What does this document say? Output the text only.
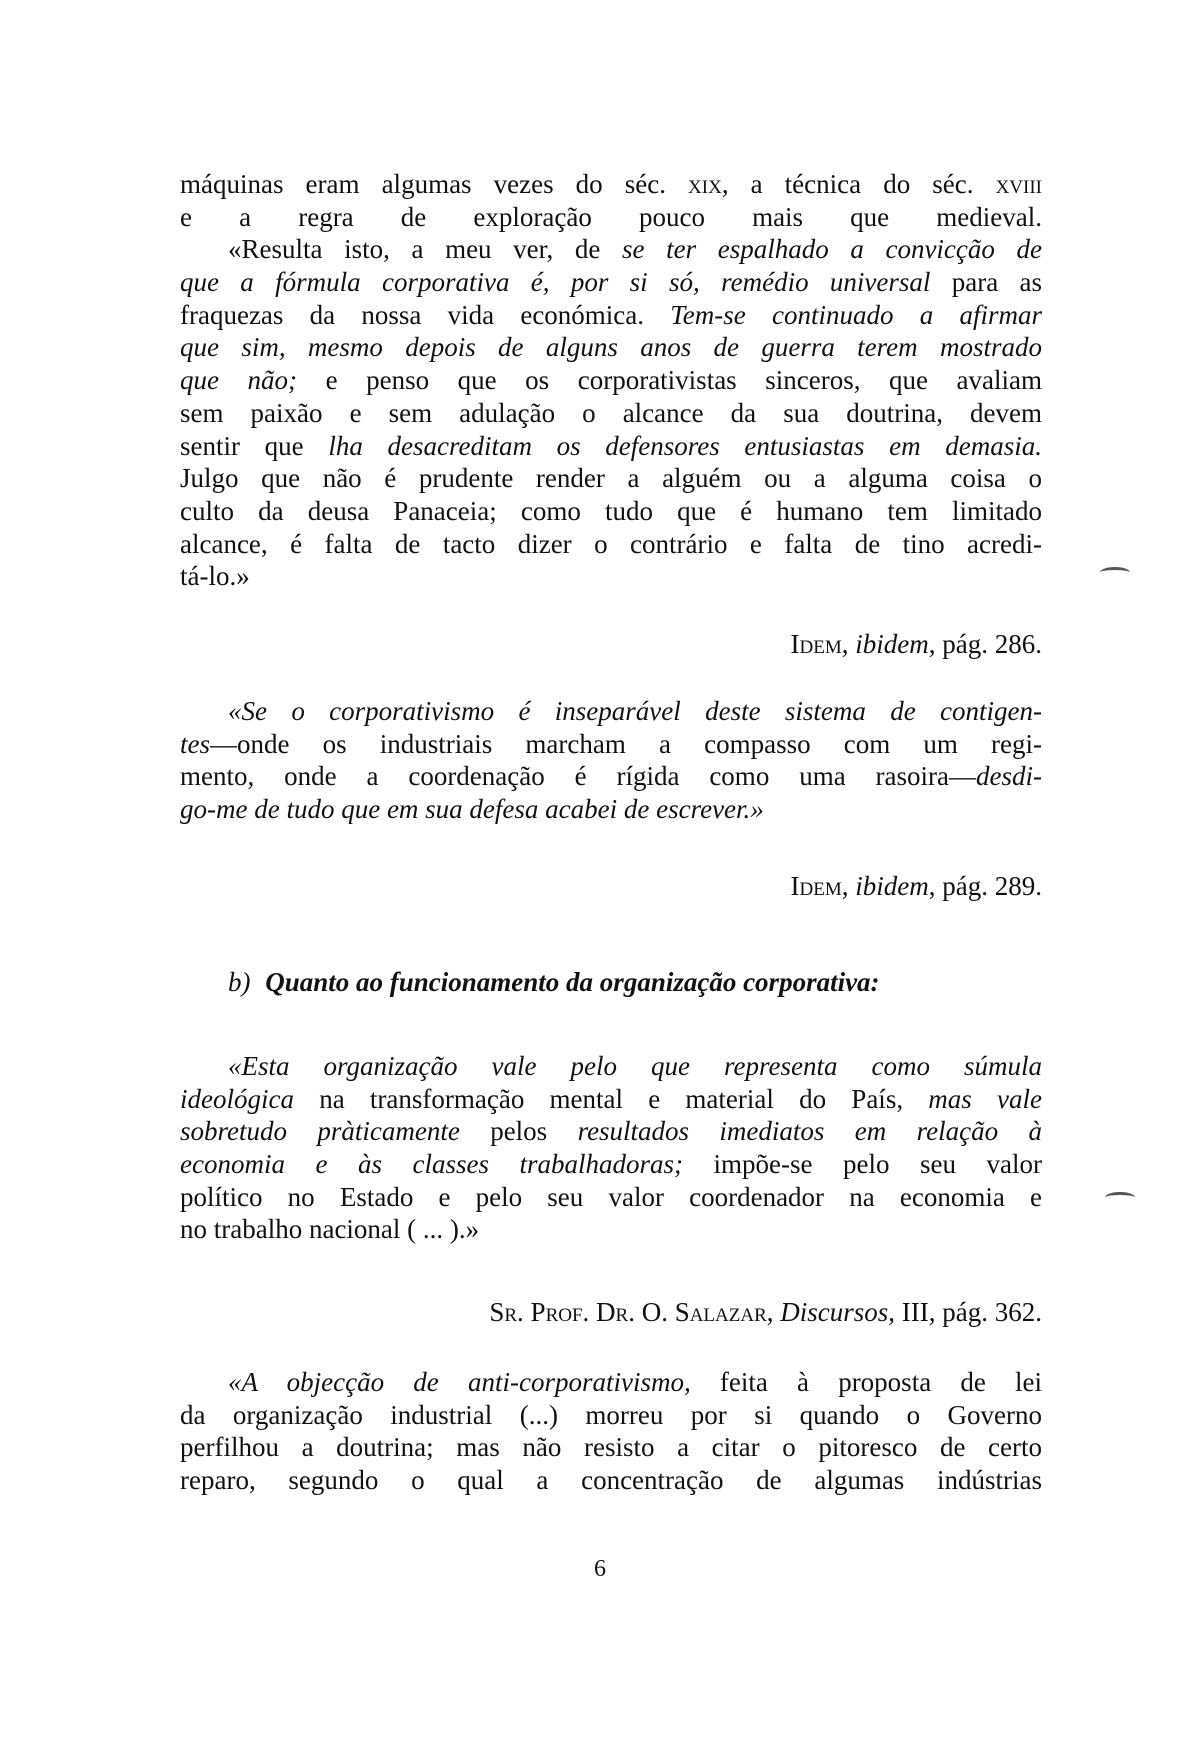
máquinas eram algumas vezes do séc. xix, a técnica do séc. xviii
e a regra de exploração pouco mais que medieval.
«Resulta isto, a meu ver, de se ter espalhado a convicção de
que a fórmula corporativa é, por si só, remédio universal para as
fraquezas da nossa vida económica. Tem-se continuado a afirmar
que sim, mesmo depois de alguns anos de guerra terem mostrado
que não; e penso que os corporativistas sinceros, que avaliam
sem paixão e sem adulação o alcance da sua doutrina, devem
sentir que lha desacreditam os defensores entusiastas em demasia.
Julgo que não é prudente render a alguém ou a alguma coisa o
culto da deusa Panaceia; como tudo que é humano tem limitado
alcance, é falta de tacto dizer o contrário e falta de tino acredi-
tá-lo.»
Idem, ibidem, pág. 286.
«Se o corporativismo é inseparável deste sistema de contigen-
tes—onde os industriais marcham a compasso com um regi-
mento, onde a coordenação é rígida como uma rasoira—desdi-
go-me de tudo que em sua defesa acabei de escrever.»
Idem, ibidem, pág. 289.
b) Quanto ao funcionamento da organização corporativa:
«Esta organização vale pelo que representa como súmula
ideológica na transformação mental e material do País, mas vale
sobretudo pràticamente pelos resultados imediatos em relação à
economia e às classes trabalhadoras; impõe-se pelo seu valor
político no Estado e pelo seu valor coordenador na economia e
no trabalho nacional ( ... ).»
Sr. Prof. Dr. O. Salazar, Discursos, III, pág. 362.
«A objecção de anti-corporativismo, feita à proposta de lei
da organização industrial (...) morreu por si quando o Governo
perfilhou a doutrina; mas não resisto a citar o pitoresco de certo
reparo, segundo o qual a concentração de algumas indústrias
6
